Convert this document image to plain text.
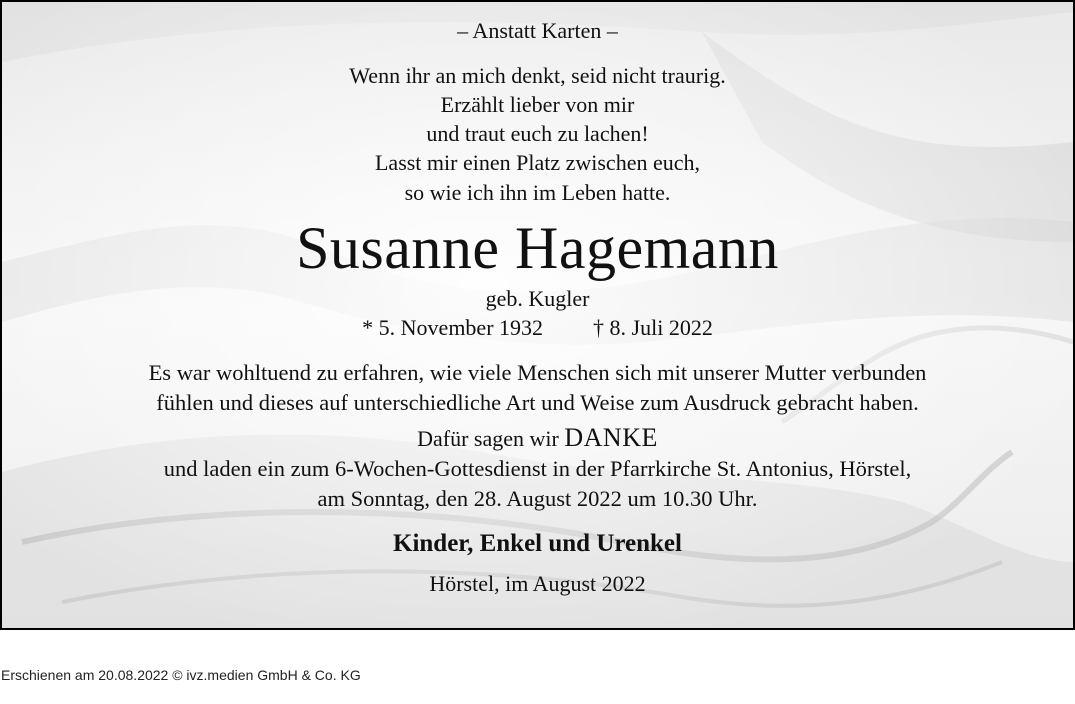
– Anstatt Karten –
Wenn ihr an mich denkt, seid nicht traurig.
Erzählt lieber von mir
und traut euch zu lachen!
Lasst mir einen Platz zwischen euch,
so wie ich ihn im Leben hatte.
Susanne Hagemann
geb. Kugler
* 5. November 1932 † 8. Juli 2022
Es war wohltuend zu erfahren, wie viele Menschen sich mit unserer Mutter verbunden
fühlen und dieses auf unterschiedliche Art und Weise zum Ausdruck gebracht haben.
Dafür sagen wir DANKE
und laden ein zum 6-Wochen-Gottesdienst in der Pfarrkirche St. Antonius, Hörstel,
am Sonntag, den 28. August 2022 um 10.30 Uhr.
Kinder, Enkel und Urenkel
Hörstel, im August 2022
Erschienen am 20.08.2022 © ivz.medien GmbH & Co. KG
